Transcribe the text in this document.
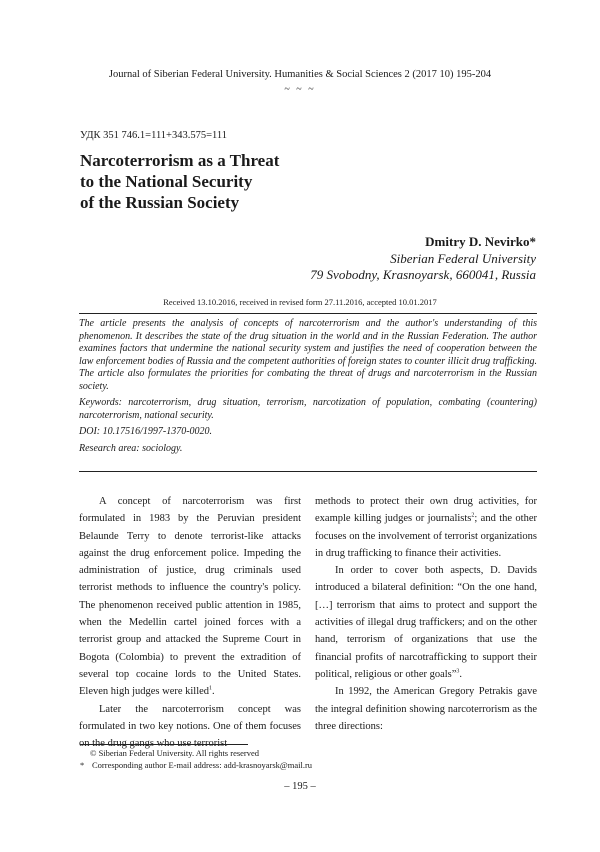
Journal of Siberian Federal University. Humanities & Social Sciences 2 (2017 10) 195-204
~ ~ ~
УДК 351 746.1=111+343.575=111
Narcoterrorism as a Threat
to the National Security
of the Russian Society
Dmitry D. Nevirko*
Siberian Federal University
79 Svobodny, Krasnoyarsk, 660041, Russia
Received 13.10.2016, received in revised form 27.11.2016, accepted 10.01.2017

The article presents the analysis of concepts of narcoterrorism and the author's understanding of this phenomenon. It describes the state of the drug situation in the world and in the Russian Federation. The author examines factors that undermine the national security system and justifies the need of cooperation between the law enforcement bodies of Russia and the competent authorities of foreign states to counter illicit drug trafficking. The article also formulates the priorities for combating the threat of drugs and narcoterrorism in the Russian society.

Keywords: narcoterrorism, drug situation, terrorism, narcotization of population, combating (countering) narcoterrorism, national security.

DOI: 10.17516/1997-1370-0020.

Research area: sociology.

A concept of narcoterrorism was first formulated in 1983 by the Peruvian president Belaunde Terry to denote terrorist-like attacks against the drug enforcement police. Impeding the administration of justice, drug criminals used terrorist methods to influence the country's policy. The phenomenon received public attention in 1985, when the Medellin cartel joined forces with a terrorist group and attacked the Supreme Court in Bogota (Colombia) to prevent the extradition of several top cocaine lords to the United States. Eleven high judges were killed$^1$.

Later the narcoterrorism concept was formulated in two key notions. One of them focuses on the drug gangs who use terrorist

methods to protect their own drug activities, for example killing judges or journalists$^2$; and the other focuses on the involvement of terrorist organizations in drug trafficking to finance their activities.

In order to cover both aspects, D. Davids introduced a bilateral definition: “On the one hand, […] terrorism that aims to protect and support the activities of illegal drug traffickers; and on the other hand, terrorism of organizations that use the financial profits of narcotrafficking to support their political, religious or other goals”$^3$.

In 1992, the American Gregory Petrakis gave the integral definition showing narcoterrorism as the three directions:

© Siberian Federal University. All rights reserved
* Corresponding author E-mail address: add-krasnoyarsk@mail.ru
– 195 –
